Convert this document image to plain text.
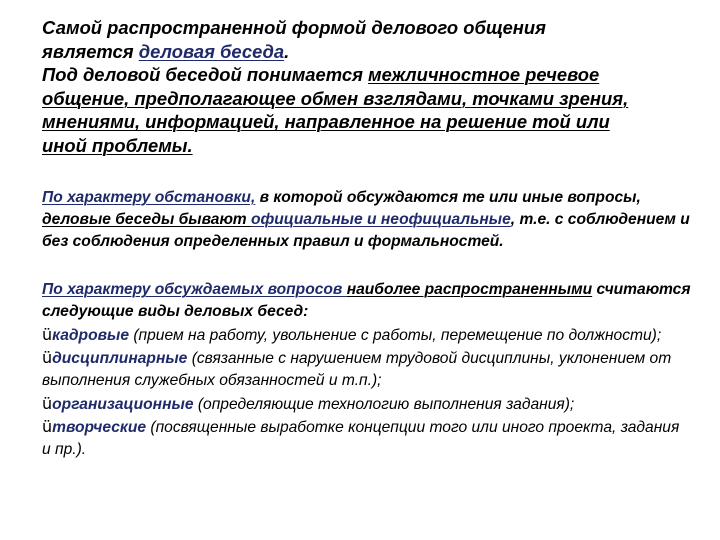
Самой распространенной формой делового общения
является деловая беседа.
Под деловой беседой понимается межличностное речевое
общение, предполагающее обмен взглядами, точками зрения,
мнениями, информацией, направленное на решение той или
иной проблемы.
По характеру обстановки, в которой обсуждаются те или иные вопросы, деловые беседы бывают официальные и неофициальные, т.е. с соблюдением и без соблюдения определенных правил и формальностей.
По характеру обсуждаемых вопросов наиболее распространенными считаются следующие виды деловых бесед:
üкадровые (прием на работу, увольнение с работы, перемещение по должности);
üдисциплинарные (связанные с нарушением трудовой дисциплины, уклонением от выполнения служебных обязанностей и т.п.);
üорганизационные (определяющие технологию выполнения задания);
üтворческие (посвященные выработке концепции того или иного проекта, задания и пр.).
